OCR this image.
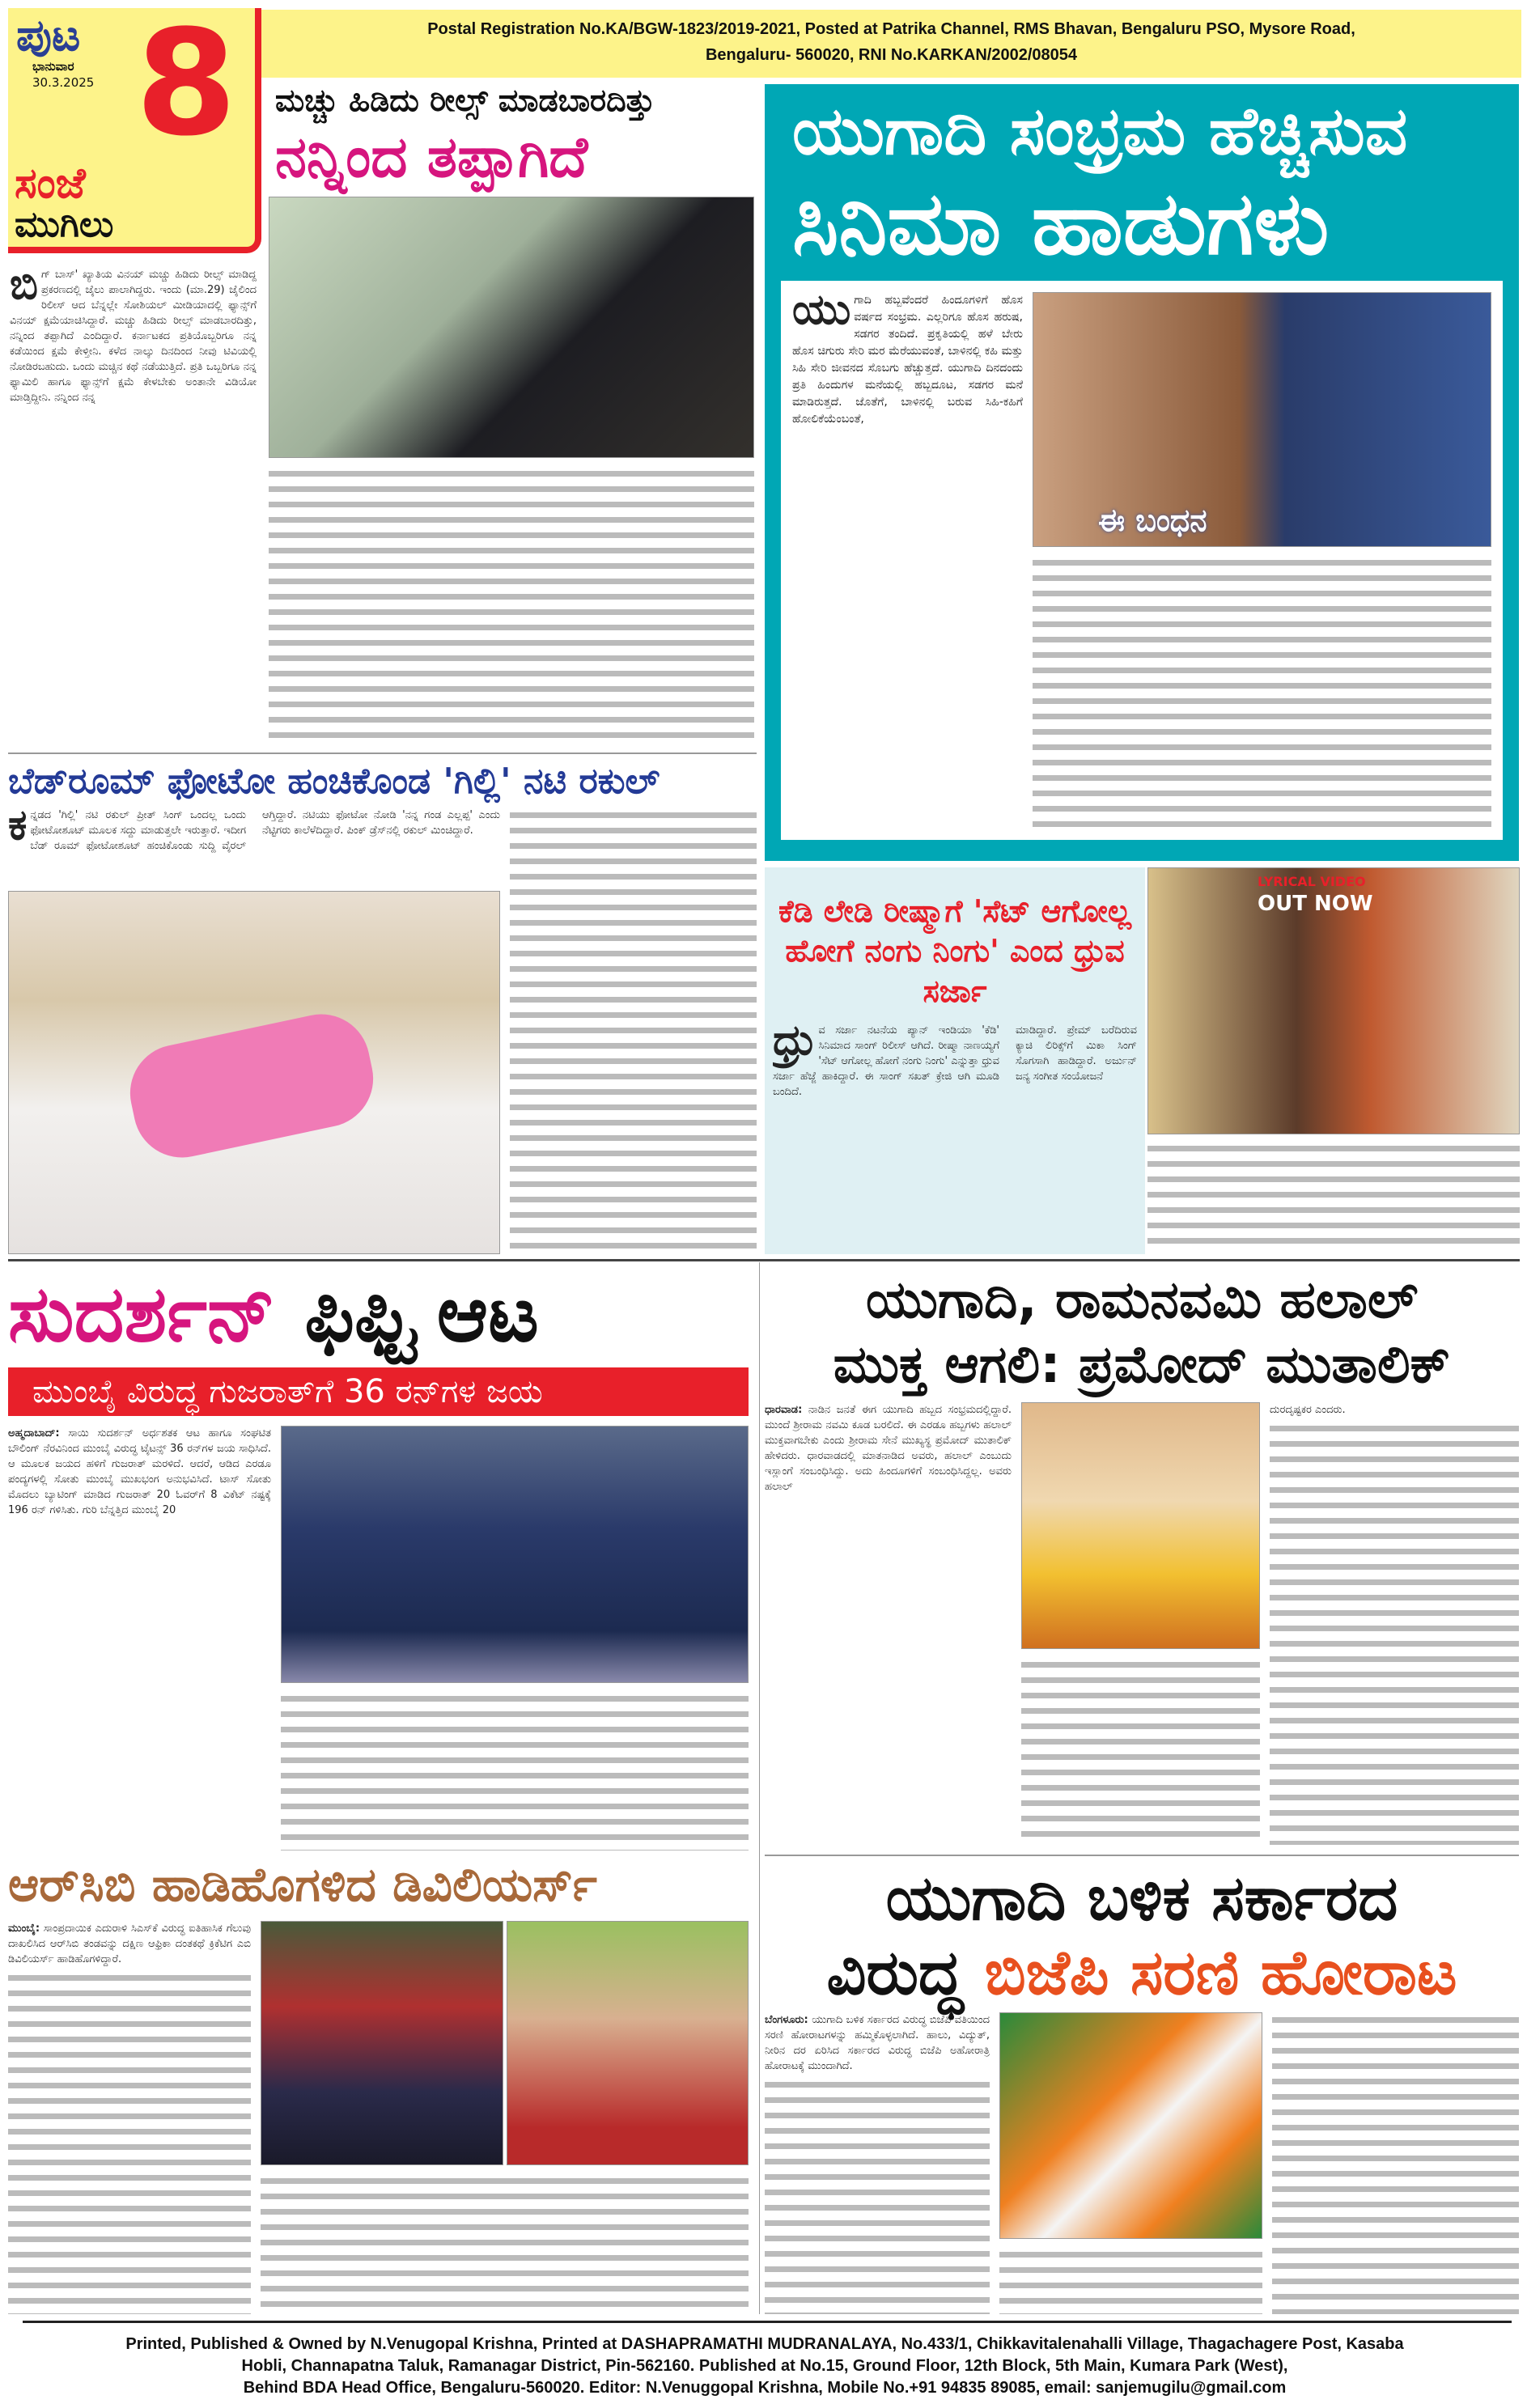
ಪುಟ
ಭಾನುವಾರ
30.3.2025 8
ಸಂಜೆ
ಮುಗಿಲು
Postal Registration No.KA/BGW-1823/2019-2021, Posted at Patrika Channel, RMS Bhavan, Bengaluru PSO, Mysore Road,
Bengaluru- 560020, RNI No.KARKAN/2002/08054
ಬಿಗ್ ಬಾಸ್' ಖ್ಯಾತಿಯ ವಿನಯ್ ಮಚ್ಚು ಹಿಡಿದು ರೀಲ್ಸ್ ಮಾಡಿದ್ದ ಪ್ರಕರಣದಲ್ಲಿ ಜೈಲು ಪಾಲಾಗಿದ್ದರು. ಇಂದು (ಮಾ.29) ಜೈಲಿಂದ ರಿಲೀಸ್ ಆದ ಬೆನ್ನಲ್ಲೇ ಸೋಶಿಯಲ್ ಮೀಡಿಯಾದಲ್ಲಿ ಫ್ಯಾನ್ಸ್‌ಗೆ ವಿನಯ್ ಕ್ಷಮೆಯಾಚಿಸಿದ್ದಾರೆ. ಮಚ್ಚು ಹಿಡಿದು ರೀಲ್ಸ್ ಮಾಡಬಾರದಿತ್ತು, ನನ್ನಿಂದ ತಪ್ಪಾಗಿದೆ ಎಂದಿದ್ದಾರೆ. ಕರ್ನಾಟಕದ ಪ್ರತಿಯೊಬ್ಬರಿಗೂ ನನ್ನ ಕಡೆಯಿಂದ ಕ್ಷಮೆ ಕೇಳ್ತೀನಿ. ಕಳೆದ ನಾಲ್ಕು ದಿನದಿಂದ ನೀವು ಟಿವಿಯಲ್ಲಿ ನೋಡಿರಬಹುದು. ಒಂದು ಮಚ್ಚಿನ ಕಥೆ ನಡೆಯುತ್ತಿದೆ. ಪ್ರತಿ ಒಬ್ಬರಿಗೂ ನನ್ನ ಫ್ಯಾಮಿಲಿ ಹಾಗೂ ಫ್ಯಾನ್ಸ್‌ಗೆ ಕ್ಷಮೆ ಕೇಳಬೇಕು ಅಂತಾನೇ ವಿಡಿಯೋ ಮಾಡ್ತಿದ್ದೀನಿ. ನನ್ನಿಂದ ನನ್ನ
ಮಚ್ಚು ಹಿಡಿದು ರೀಲ್ಸ್ ಮಾಡಬಾರದಿತ್ತು
ನನ್ನಿಂದ ತಪ್ಪಾಗಿದೆ	ಯುಗಾದಿ ಸಂಭ್ರಮ ಹೆಚ್ಚಿಸುವ
ಸಿನಿಮಾ ಹಾಡುಗಳು
ಯುಗಾದಿ ಹಬ್ಬವೆಂದರೆ ಹಿಂದೂಗಳಿಗೆ ಹೊಸ ವರ್ಷದ ಸಂಭ್ರಮ. ಎಲ್ಲರಿಗೂ ಹೊಸ ಹರುಷ, ಸಡಗರ ತಂದಿದೆ. ಪ್ರಕೃತಿಯಲ್ಲಿ ಹಳೆ ಬೇರು ಹೊಸ ಚಿಗುರು ಸೇರಿ ಮರ ಮೆರೆಯುವಂತೆ, ಬಾಳಿನಲ್ಲಿ ಕಹಿ ಮತ್ತು ಸಿಹಿ ಸೇರಿ ಜೀವನದ ಸೊಬಗು ಹೆಚ್ಚುತ್ತದೆ. ಯುಗಾದಿ ದಿನದಂದು ಪ್ರತಿ ಹಿಂದುಗಳ ಮನೆಯಲ್ಲಿ ಹಬ್ಬದೂಟ, ಸಡಗರ ಮನೆ ಮಾಡಿರುತ್ತದೆ. ಜೊತೆಗೆ, ಬಾಳಿನಲ್ಲಿ ಬರುವ ಸಿಹಿ-ಕಹಿಗೆ ಹೋಲಿಕೆಯೆಂಬಂತೆ,
ಈ ಬಂಧನ
ಬೆಡ್‌ರೂಮ್ ಫೋಟೋ ಹಂಚಿಕೊಂಡ 'ಗಿಲ್ಲಿ' ನಟಿ ರಕುಲ್
ಕನ್ನಡದ 'ಗಿಲ್ಲಿ' ನಟಿ ರಕುಲ್ ಪ್ರೀತ್ ಸಿಂಗ್ ಒಂದಲ್ಲ ಒಂದು ಫೋಟೋಶೂಟ್ ಮೂಲಕ ಸದ್ದು ಮಾಡುತ್ತಲೇ ಇರುತ್ತಾರೆ. ಇದೀಗ ಬೆಡ್ ರೂಮ್ ಫೋಟೋಶೂಟ್ ಹಂಚಿಕೊಂಡು ಸುದ್ದಿ ವೈರಲ್ ಆಗ್ತಿದ್ದಾರೆ. ನಟಿಯು ಫೋಟೋ ನೋಡಿ 'ನನ್ನ ಗಂಡ ಎಲ್ಲಪ್ಪ' ಎಂದು ನೆಟ್ಟಿಗರು ಕಾಲೆಳೆದಿದ್ದಾರೆ. ಪಿಂಕ್ ಡ್ರೆಸ್‌ನಲ್ಲಿ ರಕುಲ್ ಮಿಂಚಿದ್ದಾರೆ.
ಕೆಡಿ ಲೇಡಿ ರೀಷ್ಮಾಗೆ 'ಸೆಟ್ ಆಗೋಲ್ಲ ಹೋಗೆ ನಂಗು ನಿಂಗು' ಎಂದ ಧ್ರುವ ಸರ್ಜಾ
ಧ್ರು ವ ಸರ್ಜಾ ನಟನೆಯ ಪ್ಯಾನ್ ಇಂಡಿಯಾ 'ಕೆಡಿ' ಸಿನಿಮಾದ ಸಾಂಗ್ ರಿಲೀಸ್ ಆಗಿದೆ. ರೀಷ್ಮಾ ನಾಣಯ್ಯಗೆ 'ಸೆಟ್ ಆಗೋಲ್ಲ ಹೋಗೆ ನಂಗು ನಿಂಗು' ಎನ್ನುತ್ತಾ ಧ್ರುವ ಸರ್ಜಾ ಹೆಜ್ಜೆ ಹಾಕಿದ್ದಾರೆ. ಈ ಸಾಂಗ್ ಸಖತ್ ಕ್ರೇಜಿ ಆಗಿ ಮೂಡಿ ಬಂದಿದೆ.
ಮಾಡಿದ್ದಾರೆ. ಪ್ರೇಮ್ ಬರೆದಿರುವ ಕ್ಯಾಚಿ ಲಿರಿಕ್ಸ್‌ಗೆ ಮಿಕಾ ಸಿಂಗ್ ಸೊಗಸಾಗಿ ಹಾಡಿದ್ದಾರೆ. ಅರ್ಜುನ್ ಜನ್ಯ ಸಂಗೀತ ಸಂಯೋಜನೆ
LYRICAL VIDEO
OUT NOW
ಸುದರ್ಶನ್ ಫಿಫ್ಟಿ ಆಟ
ಮುಂಬೈ ವಿರುದ್ಧ ಗುಜರಾತ್‌ಗೆ 36 ರನ್‌ಗಳ ಜಯ
ಅಹ್ಮದಾಬಾದ್: ಸಾಯಿ ಸುದರ್ಶನ್ ಅರ್ಧಶತಕ ಆಟ ಹಾಗೂ ಸಂಘಟಿತ ಬೌಲಿಂಗ್ ನೆರವಿನಿಂದ ಮುಂಬೈ ವಿರುದ್ಧ ಟೈಟನ್ಸ್ 36 ರನ್‌ಗಳ ಜಯ ಸಾಧಿಸಿದೆ. ಆ ಮೂಲಕ ಜಯದ ಹಳಿಗೆ ಗುಜರಾತ್ ಮರಳಿದೆ. ಆದರೆ, ಆಡಿದ ಎರಡೂ ಪಂದ್ಯಗಳಲ್ಲಿ ಸೋತು ಮುಂಬೈ ಮುಖಭಂಗ ಅನುಭವಿಸಿದೆ. ಟಾಸ್ ಸೋತು ಮೊದಲು ಬ್ಯಾಟಿಂಗ್ ಮಾಡಿದ ಗುಜರಾತ್ 20 ಓವರ್‌ಗೆ 8 ವಿಕೆಟ್ ನಷ್ಟಕ್ಕೆ 196 ರನ್ ಗಳಿಸಿತು. ಗುರಿ ಬೆನ್ನತ್ತಿದ ಮುಂಬೈ 20
ಯುಗಾದಿ, ರಾಮನವಮಿ ಹಲಾಲ್
ಮುಕ್ತ ಆಗಲಿ: ಪ್ರಮೋದ್ ಮುತಾಲಿಕ್
ಧಾರವಾಡ: ನಾಡಿನ ಜನತೆ ಈಗ ಯುಗಾದಿ ಹಬ್ಬದ ಸಂಭ್ರಮದಲ್ಲಿದ್ದಾರೆ. ಮುಂದೆ ಶ್ರೀರಾಮ ನವಮಿ ಕೂಡ ಬರಲಿದೆ. ಈ ಎರಡೂ ಹಬ್ಬಗಳು ಹಲಾಲ್ ಮುಕ್ತವಾಗಬೇಕು ಎಂದು ಶ್ರೀರಾಮ ಸೇನೆ ಮುಖ್ಯಸ್ಥ ಪ್ರಮೋದ್ ಮುತಾಲಿಕ್ ಹೇಳಿದರು. ಧಾರವಾಡದಲ್ಲಿ ಮಾತನಾಡಿದ ಅವರು, ಹಲಾಲ್ ಎಂಬುದು ಇಸ್ಲಾಂಗೆ ಸಂಬಂಧಿಸಿದ್ದು. ಅದು ಹಿಂದೂಗಳಿಗೆ ಸಂಬಂಧಿಸಿದ್ದಲ್ಲ. ಅವರು ಹಲಾಲ್
ದುರದೃಷ್ಟಕರ ಎಂದರು.
ಆರ್‌ಸಿಬಿ ಹಾಡಿಹೊಗಳಿದ ಡಿವಿಲಿಯರ್ಸ್
ಮುಂಬೈ: ಸಾಂಪ್ರದಾಯಿಕ ಎದುರಾಳಿ ಸಿಎಸ್‌ಕೆ ವಿರುದ್ಧ ಐತಿಹಾಸಿಕ ಗೆಲುವು ದಾಖಲಿಸಿದ ಆರ್‌ಸಿಬಿ ತಂಡವನ್ನು ದಕ್ಷಿಣ ಆಫ್ರಿಕಾ ದಂತಕಥೆ ಕ್ರಿಕೆಟಿಗ ಎಬಿ ಡಿವಿಲಿಯರ್ಸ್ ಹಾಡಿಹೊಗಳಿದ್ದಾರೆ.
ಯುಗಾದಿ ಬಳಿಕ ಸರ್ಕಾರದ
ವಿರುದ್ಧ ಬಿಜೆಪಿ ಸರಣಿ ಹೋರಾಟ
ಬೆಂಗಳೂರು: ಯುಗಾದಿ ಬಳಿಕ ಸರ್ಕಾರದ ವಿರುದ್ಧ ಬಿಜೆಪಿ ವತಿಯಿಂದ ಸರಣಿ ಹೋರಾಟಗಳನ್ನು ಹಮ್ಮಿಕೊಳ್ಳಲಾಗಿದೆ. ಹಾಲು, ವಿದ್ಯುತ್, ನೀರಿನ ದರ ಏರಿಸಿದ ಸರ್ಕಾರದ ವಿರುದ್ಧ ಬಿಜೆಪಿ ಅಹೋರಾತ್ರಿ ಹೋರಾಟಕ್ಕೆ ಮುಂದಾಗಿದೆ.
Printed, Published & Owned by N.Venugopal Krishna, Printed at DASHAPRAMATHI MUDRANALAYA, No.433/1, Chikkavitalenahalli Village, Thagachagere Post, Kasaba
Hobli, Channapatna Taluk, Ramanagar District, Pin-562160. Published at No.15, Ground Floor, 12th Block, 5th Main, Kumara Park (West),
Behind BDA Head Office, Bengaluru-560020. Editor: N.Venuggopal Krishna, Mobile No.+91 94835 89085, email: sanjemugilu@gmail.com
